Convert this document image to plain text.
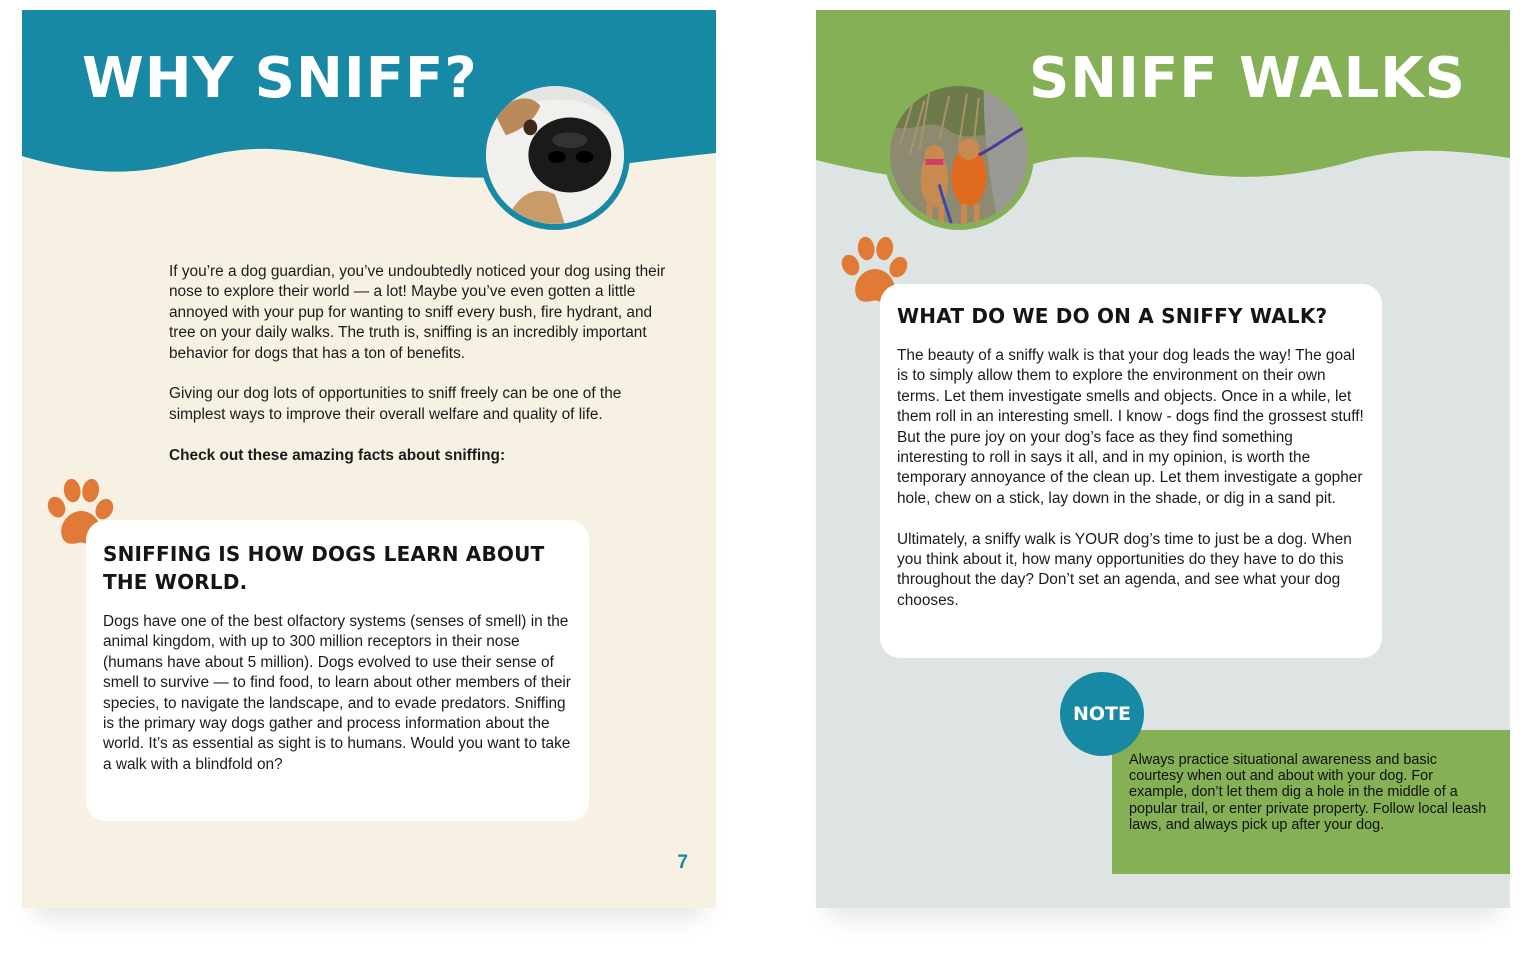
WHY SNIFF?

If you’re a dog guardian, you’ve undoubtedly noticed your dog using their nose to explore their world — a lot! Maybe you’ve even gotten a little annoyed with your pup for wanting to sniff every bush, fire hydrant, and tree on your daily walks. The truth is, sniffing is an incredibly important behavior for dogs that has a ton of benefits.

Giving our dog lots of opportunities to sniff freely can be one of the simplest ways to improve their overall welfare and quality of life.

Check out these amazing facts about sniffing:

7
SNIFF WALKS
SNIFFING IS HOW DOGS LEARN ABOUT THE WORLD.

Dogs have one of the best olfactory systems (senses of smell) in the animal kingdom, with up to 300 million receptors in their nose (humans have about 5 million). Dogs evolved to use their sense of smell to survive — to find food, to learn about other members of their species, to navigate the landscape, and to evade predators. Sniffing is the primary way dogs gather and process information about the world. It’s as essential as sight is to humans. Would you want to take a walk with a blindfold on?

WHAT DO WE DO ON A SNIFFY WALK?

The beauty of a sniffy walk is that your dog leads the way! The goal is to simply allow them to explore the environment on their own terms. Let them investigate smells and objects. Once in a while, let them roll in an interesting smell. I know - dogs find the grossest stuff! But the pure joy on your dog’s face as they find something interesting to roll in says it all, and in my opinion, is worth the temporary annoyance of the clean up. Let them investigate a gopher hole, chew on a stick, lay down in the shade, or dig in a sand pit.

Ultimately, a sniffy walk is YOUR dog’s time to just be a dog. When you think about it, how many opportunities do they have to do this throughout the day? Don’t set an agenda, and see what your dog chooses.

Always practice situational awareness and basic courtesy when out and about with your dog. For example, don’t let them dig a hole in the middle of a popular trail, or enter private property. Follow local leash laws, and always pick up after your dog.
NOTE
